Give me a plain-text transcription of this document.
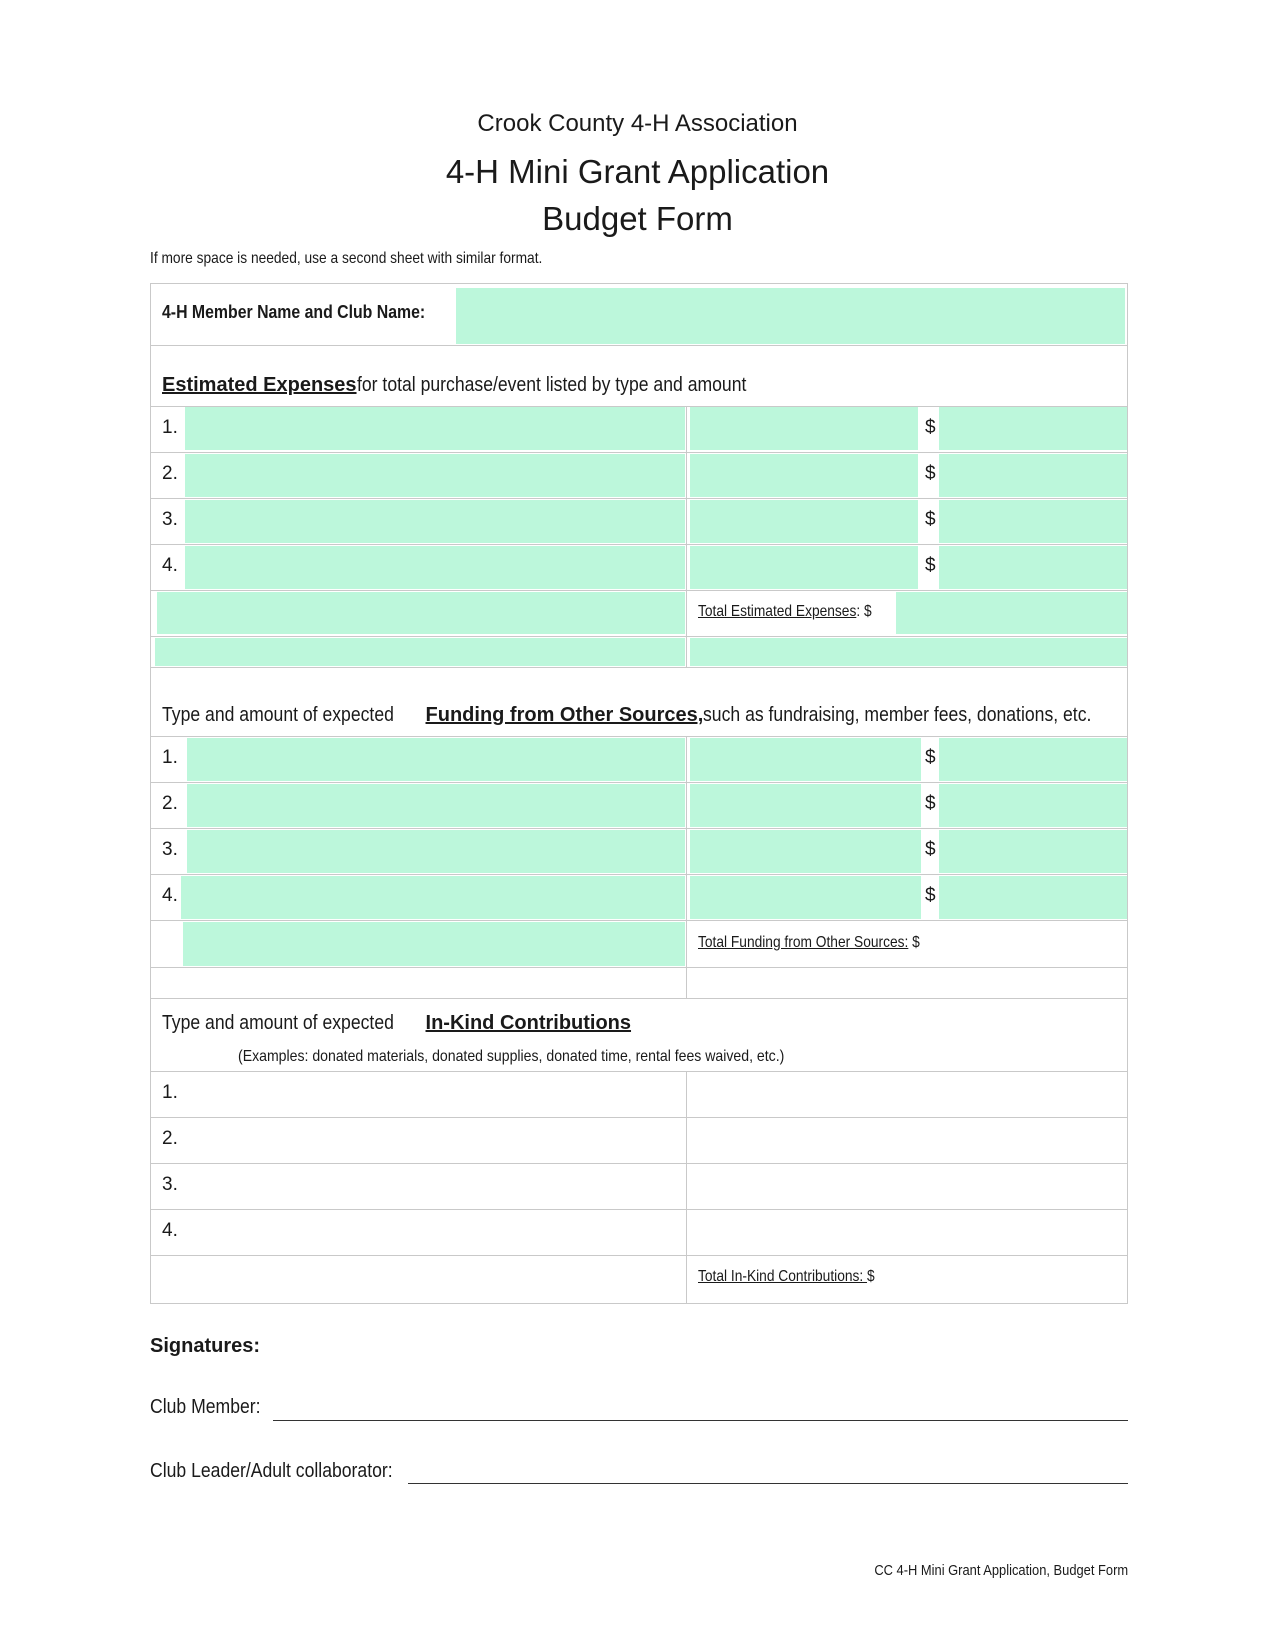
Crook County 4-H Association
4-H Mini Grant Application
Budget Form
If more space is needed, use a second sheet with similar format.
4-H Member Name and Club Name:
Estimated Expensesfor total purchase/event listed by type and amount
1.	$
2.	$
3.	$
4.	$
Total Estimated Expenses: $
Type and amount of expectedFunding from Other Sources,such as fundraising, member fees, donations, etc.
1.	$
2.	$
3.	$
4.	$
Total Funding from Other Sources: $
Type and amount of expectedIn-Kind Contributions
(Examples: donated materials, donated supplies, donated time, rental fees waived, etc.)
1.
2.
3.
4.
Total In-Kind Contributions: $
Signatures:
Club Member:
Club Leader/Adult collaborator:
CC 4-H Mini Grant Application, Budget Form
